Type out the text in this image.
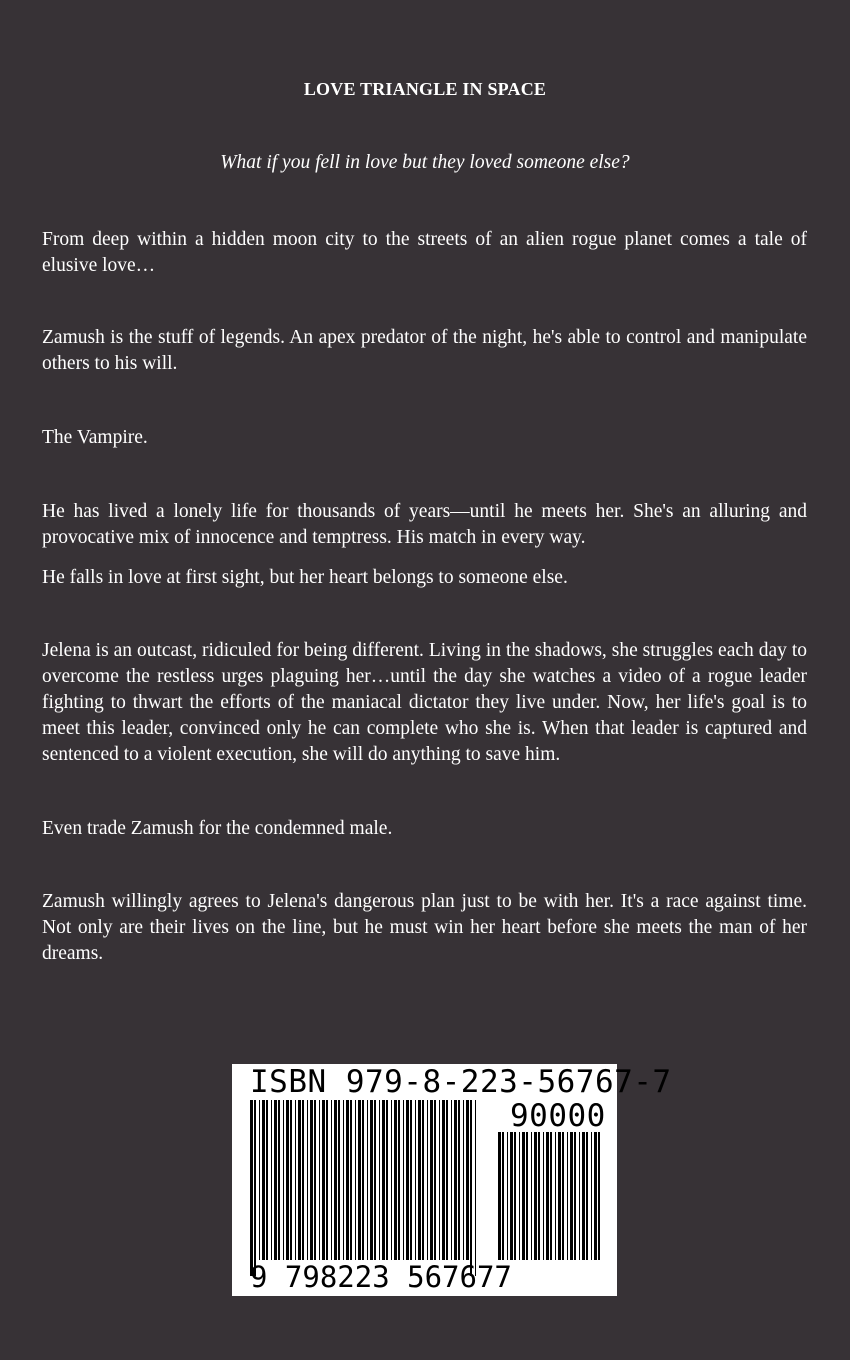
LOVE TRIANGLE IN SPACE
What if you fell in love but they loved someone else?

From deep within a hidden moon city to the streets of an alien rogue planet comes a tale of elusive love…

Zamush is the stuff of legends. An apex predator of the night, he's able to control and manipulate others to his will.

The Vampire.

He has lived a lonely life for thousands of years—until he meets her. She's an alluring and provocative mix of innocence and temptress. His match in every way.

He falls in love at first sight, but her heart belongs to someone else.

Jelena is an outcast, ridiculed for being different. Living in the shadows, she struggles each day to overcome the restless urges plaguing her…until the day she watches a video of a rogue leader fighting to thwart the efforts of the maniacal dictator they live under. Now, her life's goal is to meet this leader, convinced only he can complete who she is. When that leader is captured and sentenced to a violent execution, she will do anything to save him.

Even trade Zamush for the condemned male.

Zamush willingly agrees to Jelena's dangerous plan just to be with her. It's a race against time. Not only are their lives on the line, but he must win her heart before she meets the man of her dreams.

ISBN 979-8-223-56767-7
90000
9 798223 567677
